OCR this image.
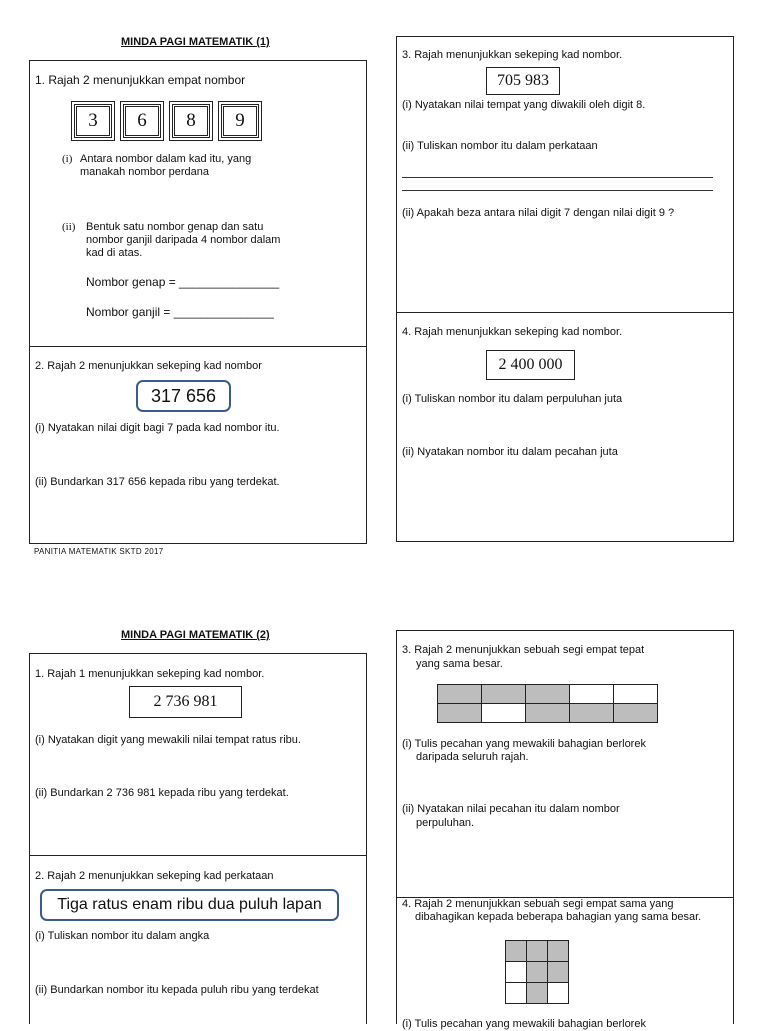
MINDA PAGI MATEMATIK (1)
1. Rajah 2 menunjukkan empat nombor
3	6	8	9
(i) Antara nombor dalam kad itu, yang
manakah nombor perdana
(ii) Bentuk satu nombor genap dan satu
nombor ganjil daripada 4 nombor dalam
kad di atas.
Nombor genap = _______________
Nombor ganjil = _______________
2. Rajah 2 menunjukkan sekeping kad nombor
317 656
(i) Nyatakan nilai digit bagi 7 pada kad nombor itu.
(ii) Bundarkan 317 656 kepada ribu yang terdekat.
PANITIA MATEMATIK SKTD 2017
3. Rajah menunjukkan sekeping kad nombor.
705 983
(i) Nyatakan nilai tempat yang diwakili oleh digit 8.
(ii) Tuliskan nombor itu dalam perkataan
(ii) Apakah beza antara nilai digit 7 dengan nilai digit 9 ?
4. Rajah menunjukkan sekeping kad nombor.
2 400 000
(i) Tuliskan nombor itu dalam perpuluhan juta
(ii) Nyatakan nombor itu dalam pecahan juta
MINDA PAGI MATEMATIK (2)
1. Rajah 1 menunjukkan sekeping kad nombor.
2 736 981
(i) Nyatakan digit yang mewakili nilai tempat ratus ribu.
(ii) Bundarkan 2 736 981 kepada ribu yang terdekat.
2. Rajah 2 menunjukkan sekeping kad perkataan
Tiga ratus enam ribu dua puluh lapan
(i) Tuliskan nombor itu dalam angka
(ii) Bundarkan nombor itu kepada puluh ribu yang terdekat
3. Rajah 2 menunjukkan sebuah segi empat tepat
yang sama besar.
(i) Tulis pecahan yang mewakili bahagian berlorek
daripada seluruh rajah.
(ii) Nyatakan nilai pecahan itu dalam nombor
perpuluhan.
4. Rajah 2 menunjukkan sebuah segi empat sama yang
dibahagikan kepada beberapa bahagian yang sama besar.
(i) Tulis pecahan yang mewakili bahagian berlorek
